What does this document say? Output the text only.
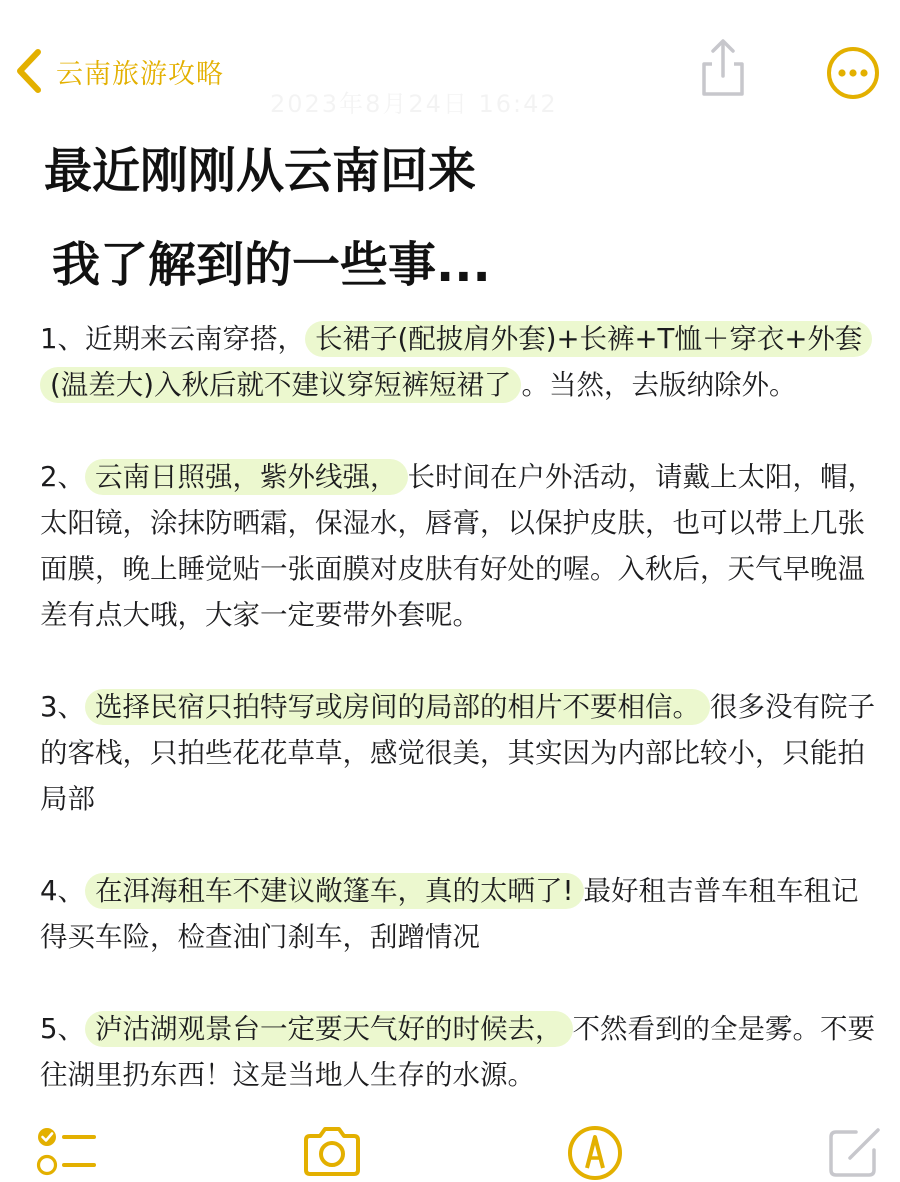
云南旅游攻略
最近刚刚从云南回来
我了解到的一些事...

1、近期来云南穿搭， 长裙子(配披肩外套)+长裤+T恤＋穿衣+外套(温差大)入秋后就不建议穿短裤短裙了 。当然，去版纳除外。

2、 云南日照强，紫外线强， 长时间在户外活动，请戴上太阳，帽，太阳镜，涂抹防晒霜，保湿水，唇膏，以保护皮肤，也可以带上几张面膜，晚上睡觉贴一张面膜对皮肤有好处的喔。入秋后，天气早晚温差有点大哦，大家一定要带外套呢。

3、 选择民宿只拍特写或房间的局部的相片不要相信。 很多没有院子的客栈，只拍些花花草草，感觉很美，其实因为内部比较小，只能拍局部

4、 在洱海租车不建议敞篷车，真的太晒了! 最好租吉普车租车租记得买车险，检查油门刹车，刮蹭情况

5、 泸沽湖观景台一定要天气好的时候去， 不然看到的全是雾。不要往湖里扔东西！这是当地人生存的水源。
